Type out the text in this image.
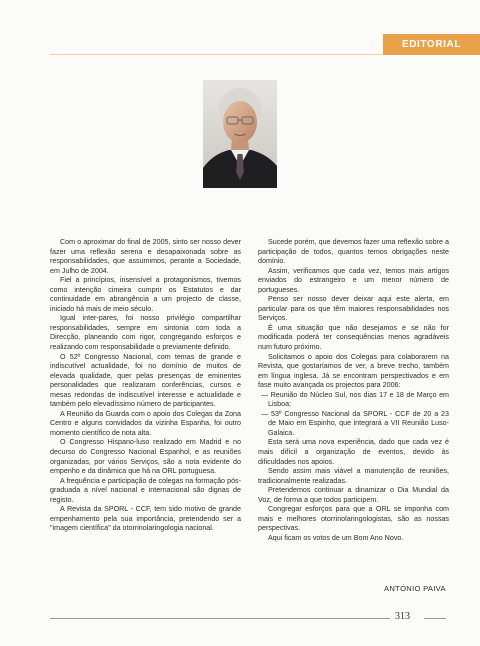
EDITORIAL

Com o aproximar do final de 2005, sinto ser nosso dever fazer uma reflexão serena e desapaixonada sobre as responsabilidades, que assumimos, perante a Sociedade, em Julho de 2004.

Fiel a princípios, insensível a protagonismos, tivemos como intenção cimeira cumprir os Estatutos e dar continuidade em abrangência a um projecto de classe, iniciado há mais de meio século.

Igual inter-pares, foi nosso privilégio compartilhar responsabilidades, sempre em sintonia com toda a Direcção, planeando com rigor, congregando esforços e realizando com responsabilidade o previamente definido.

O 52º Congresso Nacional, com temas de grande e indiscutível actualidade, foi no domínio de muitos de elevada qualidade, quer pelas presenças de eminentes personalidades que realizaram conferências, cursos e mesas redondas de indiscutível interesse e actualidade e também pelo elevadíssimo número de participantes.

A Reunião da Guarda com o apoio dos Colegas da Zona Centro e alguns convidados da vizinha Espanha, foi outro momento científico de nota alta.

O Congresso Hispano-luso realizado em Madrid e no decurso do Congresso Nacional Espanhol, e as reuniões organizadas, por vários Serviços, são a nota evidente do empenho e da dinâmica que há na ORL portuguesa.

A frequência e participação de colegas na formação pós-graduada a nível nacional e internacional são dignas de registo.

A Revista da SPORL - CCF, tem sido motivo de grande empenhamento pela sua importância, pretendendo ser a "imagem científica" da otorrinolaringologia nacional.

Sucede porém, que devemos fazer uma reflexão sobre a participação de todos, quantos temos obrigações neste domínio.

Assim, verificamos que cada vez, temos mais artigos enviados do estrangeiro e um menor número de portugueses.

Penso ser nosso dever deixar aqui este alerta, em particular para os que têm maiores responsabilidades nos Serviços.

É uma situação que não desejamos e se não for modificada poderá ter consequências menos agradáveis num futuro próximo.

Solicitamos o apoio dos Colegas para colaborarem na Revista, que gostaríamos de ver, a breve trecho, também em língua inglesa. Já se encontram perspectivados e em fase muito avançada os projectos para 2006:

— Reunião do Núcleo Sul, nos dias 17 e 18 de Março em Lisboa;

— 53º Congresso Nacional da SPORL - CCF de 20 a 23 de Maio em Espinho, que integrará a VII Reunião Luso-Galaica.

Esta será uma nova experiência, dado que cada vez é mais difícil a organização de eventos, devido às dificuldades nos apoios.

Sendo assim mais viável a manutenção de reuniões, tradicionalmente realizadas.

Pretendemos continuar a dinamizar o Dia Mundial da Voz, de forma a que todos participem.

Congregar esforços para que a ORL se imponha com mais e melhores otorrinolaringologistas, são as nossas perspectivas.

Aqui ficam os votos de um Bom Ano Novo.

ANTÓNIO PAIVA
313
